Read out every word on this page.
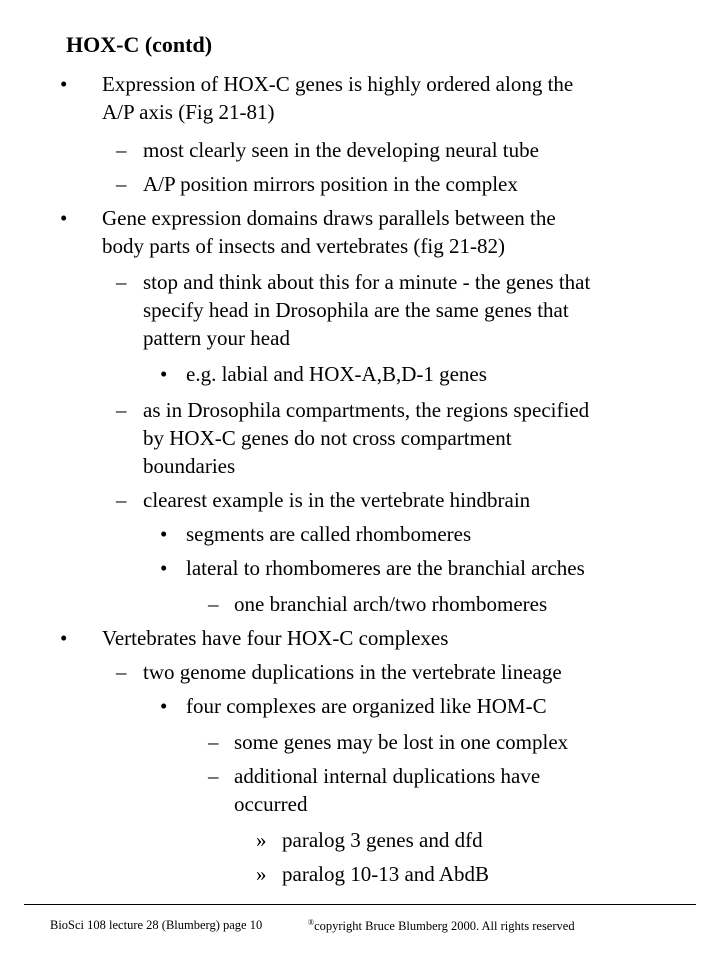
HOX-C (contd)
• Expression of HOX-C genes is highly ordered along the
A/P axis (Fig 21-81)
– most clearly seen in the developing neural tube
– A/P position mirrors position in the complex
• Gene expression domains draws parallels between the
body parts of insects and vertebrates (fig 21-82)
– stop and think about this for a minute - the genes that
specify head in Drosophila are the same genes that
pattern your head
• e.g. labial and HOX-A,B,D-1 genes
– as in Drosophila compartments, the regions specified
by HOX-C genes do not cross compartment
boundaries
– clearest example is in the vertebrate hindbrain
• segments are called rhombomeres
• lateral to rhombomeres are the branchial arches
– one branchial arch/two rhombomeres
• Vertebrates have four HOX-C complexes
– two genome duplications in the vertebrate lineage
• four complexes are organized like HOM-C
– some genes may be lost in one complex
– additional internal duplications have
occurred
» paralog 3 genes and dfd
» paralog 10-13 and AbdB
BioSci 108 lecture 28 (Blumberg) page 10	®copyright Bruce Blumberg 2000. All rights reserved
